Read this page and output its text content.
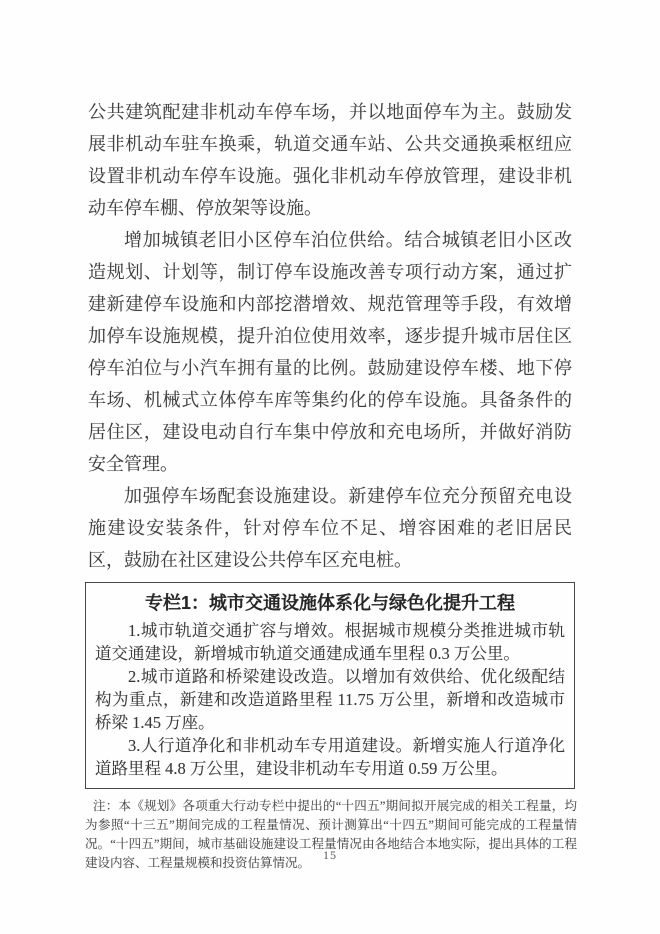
公共建筑配建非机动车停车场，并以地面停车为主。鼓励发展非机动车驻车换乘，轨道交通车站、公共交通换乘枢纽应设置非机动车停车设施。强化非机动车停放管理，建设非机动车停车棚、停放架等设施。

增加城镇老旧小区停车泊位供给。结合城镇老旧小区改造规划、计划等，制订停车设施改善专项行动方案，通过扩建新建停车设施和内部挖潜增效、规范管理等手段，有效增加停车设施规模，提升泊位使用效率，逐步提升城市居住区停车泊位与小汽车拥有量的比例。鼓励建设停车楼、地下停车场、机械式立体停车库等集约化的停车设施。具备条件的居住区，建设电动自行车集中停放和充电场所，并做好消防安全管理。

加强停车场配套设施建设。新建停车位充分预留充电设施建设安装条件，针对停车位不足、增容困难的老旧居民区，鼓励在社区建设公共停车区充电桩。

专栏1：城市交通设施体系化与绿色化提升工程

1.城市轨道交通扩容与增效。根据城市规模分类推进城市轨道交通建设，新增城市轨道交通建成通车里程 0.3 万公里。

2.城市道路和桥梁建设改造。以增加有效供给、优化级配结构为重点，新建和改造道路里程 11.75 万公里，新增和改造城市桥梁 1.45 万座。

3.人行道净化和非机动车专用道建设。新增实施人行道净化道路里程 4.8 万公里，建设非机动车专用道 0.59 万公里。

注：本《规划》各项重大行动专栏中提出的“十四五”期间拟开展完成的相关工程量，均为参照“十三五”期间完成的工程量情况、预计测算出“十四五”期间可能完成的工程量情况。“十四五”期间，城市基础设施建设工程量情况由各地结合本地实际，提出具体的工程建设内容、工程量规模和投资估算情况。

15
